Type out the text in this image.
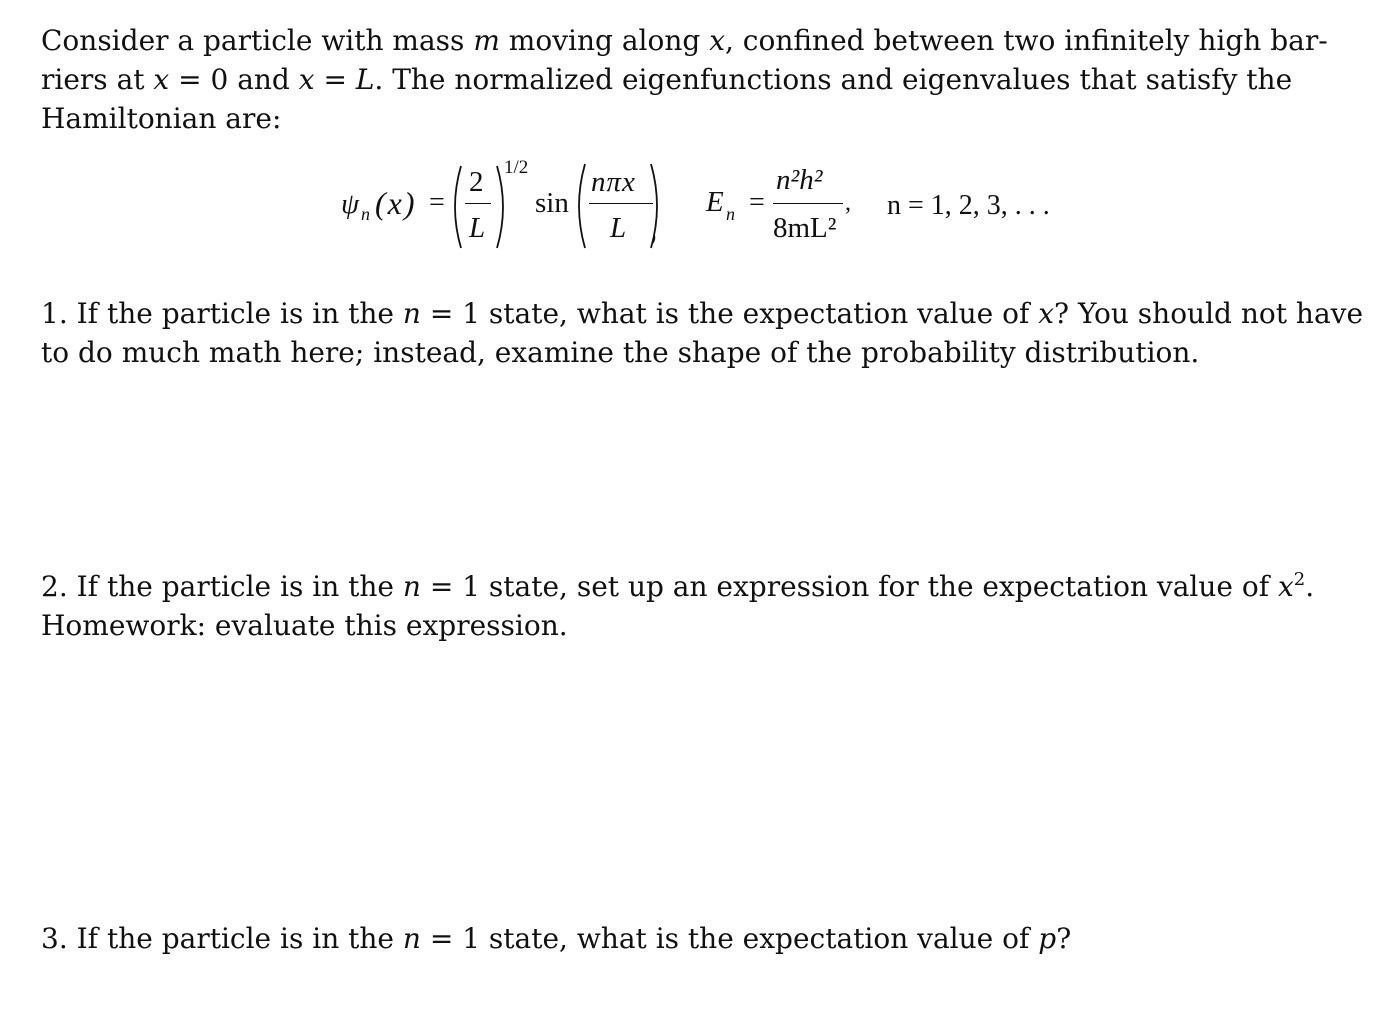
Consider a particle with mass m moving along x, confined between two infinitely high bar-
riers at x = 0 and x = L. The normalized eigenfunctions and eigenvalues that satisfy the
Hamiltonian are:
ψ n (x) =
2
L
1/2
sin
nπx
L
E n =
n²h²
8mL²
, n = 1, 2, 3, . . .
1. If the particle is in the n = 1 state, what is the expectation value of x? You should not have
to do much math here; instead, examine the shape of the probability distribution.
2. If the particle is in the n = 1 state, set up an expression for the expectation value of $x^2$.
Homework: evaluate this expression.
3. If the particle is in the n = 1 state, what is the expectation value of p?
